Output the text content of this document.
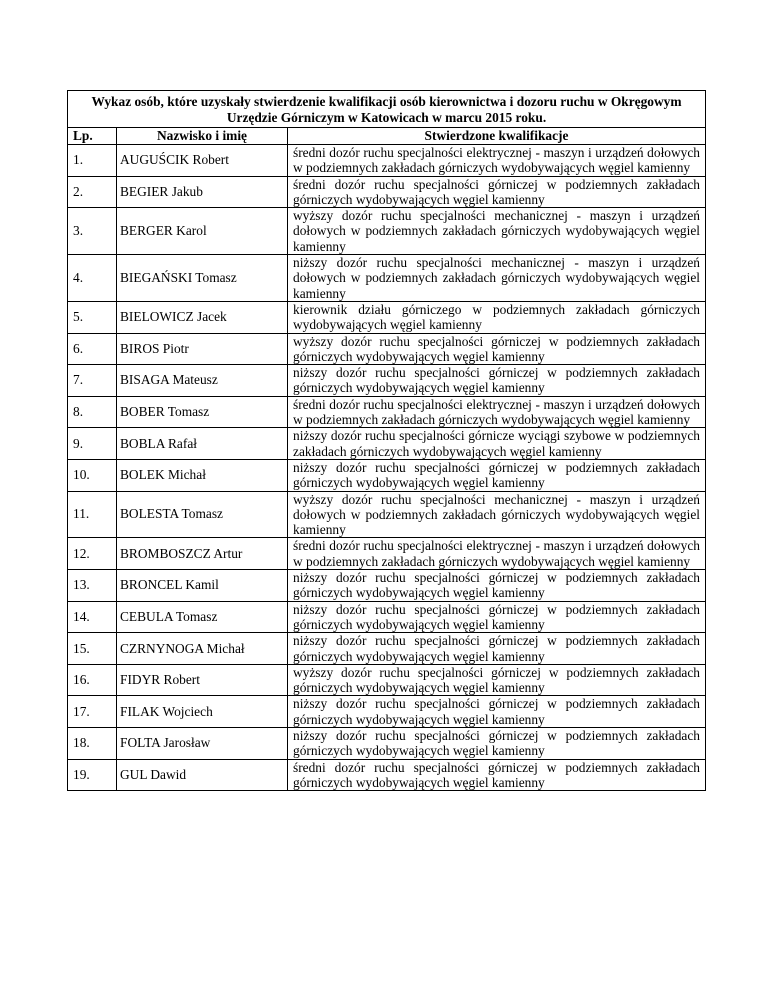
Wykaz osób, które uzyskały stwierdzenie kwalifikacji osób kierownictwa i dozoru ruchu w Okręgowym Urzędzie Górniczym w Katowicach w marcu 2015 roku.		
Lp.	Nazwisko i imię	Stwierdzone kwalifikacje
1.	AUGUŚCIK Robert	średni dozór ruchu specjalności elektrycznej - maszyn i urządzeń dołowych w podziemnych zakładach górniczych wydobywających węgiel kamienny
2.	BEGIER Jakub	średni dozór ruchu specjalności górniczej w podziemnych zakładach górniczych wydobywających węgiel kamienny
3.	BERGER Karol	wyższy dozór ruchu specjalności mechanicznej - maszyn i urządzeń dołowych w podziemnych zakładach górniczych wydobywających węgiel kamienny
4.	BIEGAŃSKI Tomasz	niższy dozór ruchu specjalności mechanicznej - maszyn i urządzeń dołowych w podziemnych zakładach górniczych wydobywających węgiel kamienny
5.	BIELOWICZ Jacek	kierownik działu górniczego w podziemnych zakładach górniczych wydobywających węgiel kamienny
6.	BIROS Piotr	wyższy dozór ruchu specjalności górniczej w podziemnych zakładach górniczych wydobywających węgiel kamienny
7.	BISAGA Mateusz	niższy dozór ruchu specjalności górniczej w podziemnych zakładach górniczych wydobywających węgiel kamienny
8.	BOBER Tomasz	średni dozór ruchu specjalności elektrycznej - maszyn i urządzeń dołowych w podziemnych zakładach górniczych wydobywających węgiel kamienny
9.	BOBLA Rafał	niższy dozór ruchu specjalności górnicze wyciągi szybowe w podziemnych zakładach górniczych wydobywających węgiel kamienny
10.	BOLEK Michał	niższy dozór ruchu specjalności górniczej w podziemnych zakładach górniczych wydobywających węgiel kamienny
11.	BOLESTA Tomasz	wyższy dozór ruchu specjalności mechanicznej - maszyn i urządzeń dołowych w podziemnych zakładach górniczych wydobywających węgiel kamienny
12.	BROMBOSZCZ Artur	średni dozór ruchu specjalności elektrycznej - maszyn i urządzeń dołowych w podziemnych zakładach górniczych wydobywających węgiel kamienny
13.	BRONCEL Kamil	niższy dozór ruchu specjalności górniczej w podziemnych zakładach górniczych wydobywających węgiel kamienny
14.	CEBULA Tomasz	niższy dozór ruchu specjalności górniczej w podziemnych zakładach górniczych wydobywających węgiel kamienny
15.	CZRNYNOGA Michał	niższy dozór ruchu specjalności górniczej w podziemnych zakładach górniczych wydobywających węgiel kamienny
16.	FIDYR Robert	wyższy dozór ruchu specjalności górniczej w podziemnych zakładach górniczych wydobywających węgiel kamienny
17.	FILAK Wojciech	niższy dozór ruchu specjalności górniczej w podziemnych zakładach górniczych wydobywających węgiel kamienny
18.	FOLTA Jarosław	niższy dozór ruchu specjalności górniczej w podziemnych zakładach górniczych wydobywających węgiel kamienny
19.	GUL Dawid	średni dozór ruchu specjalności górniczej w podziemnych zakładach górniczych wydobywających węgiel kamienny
